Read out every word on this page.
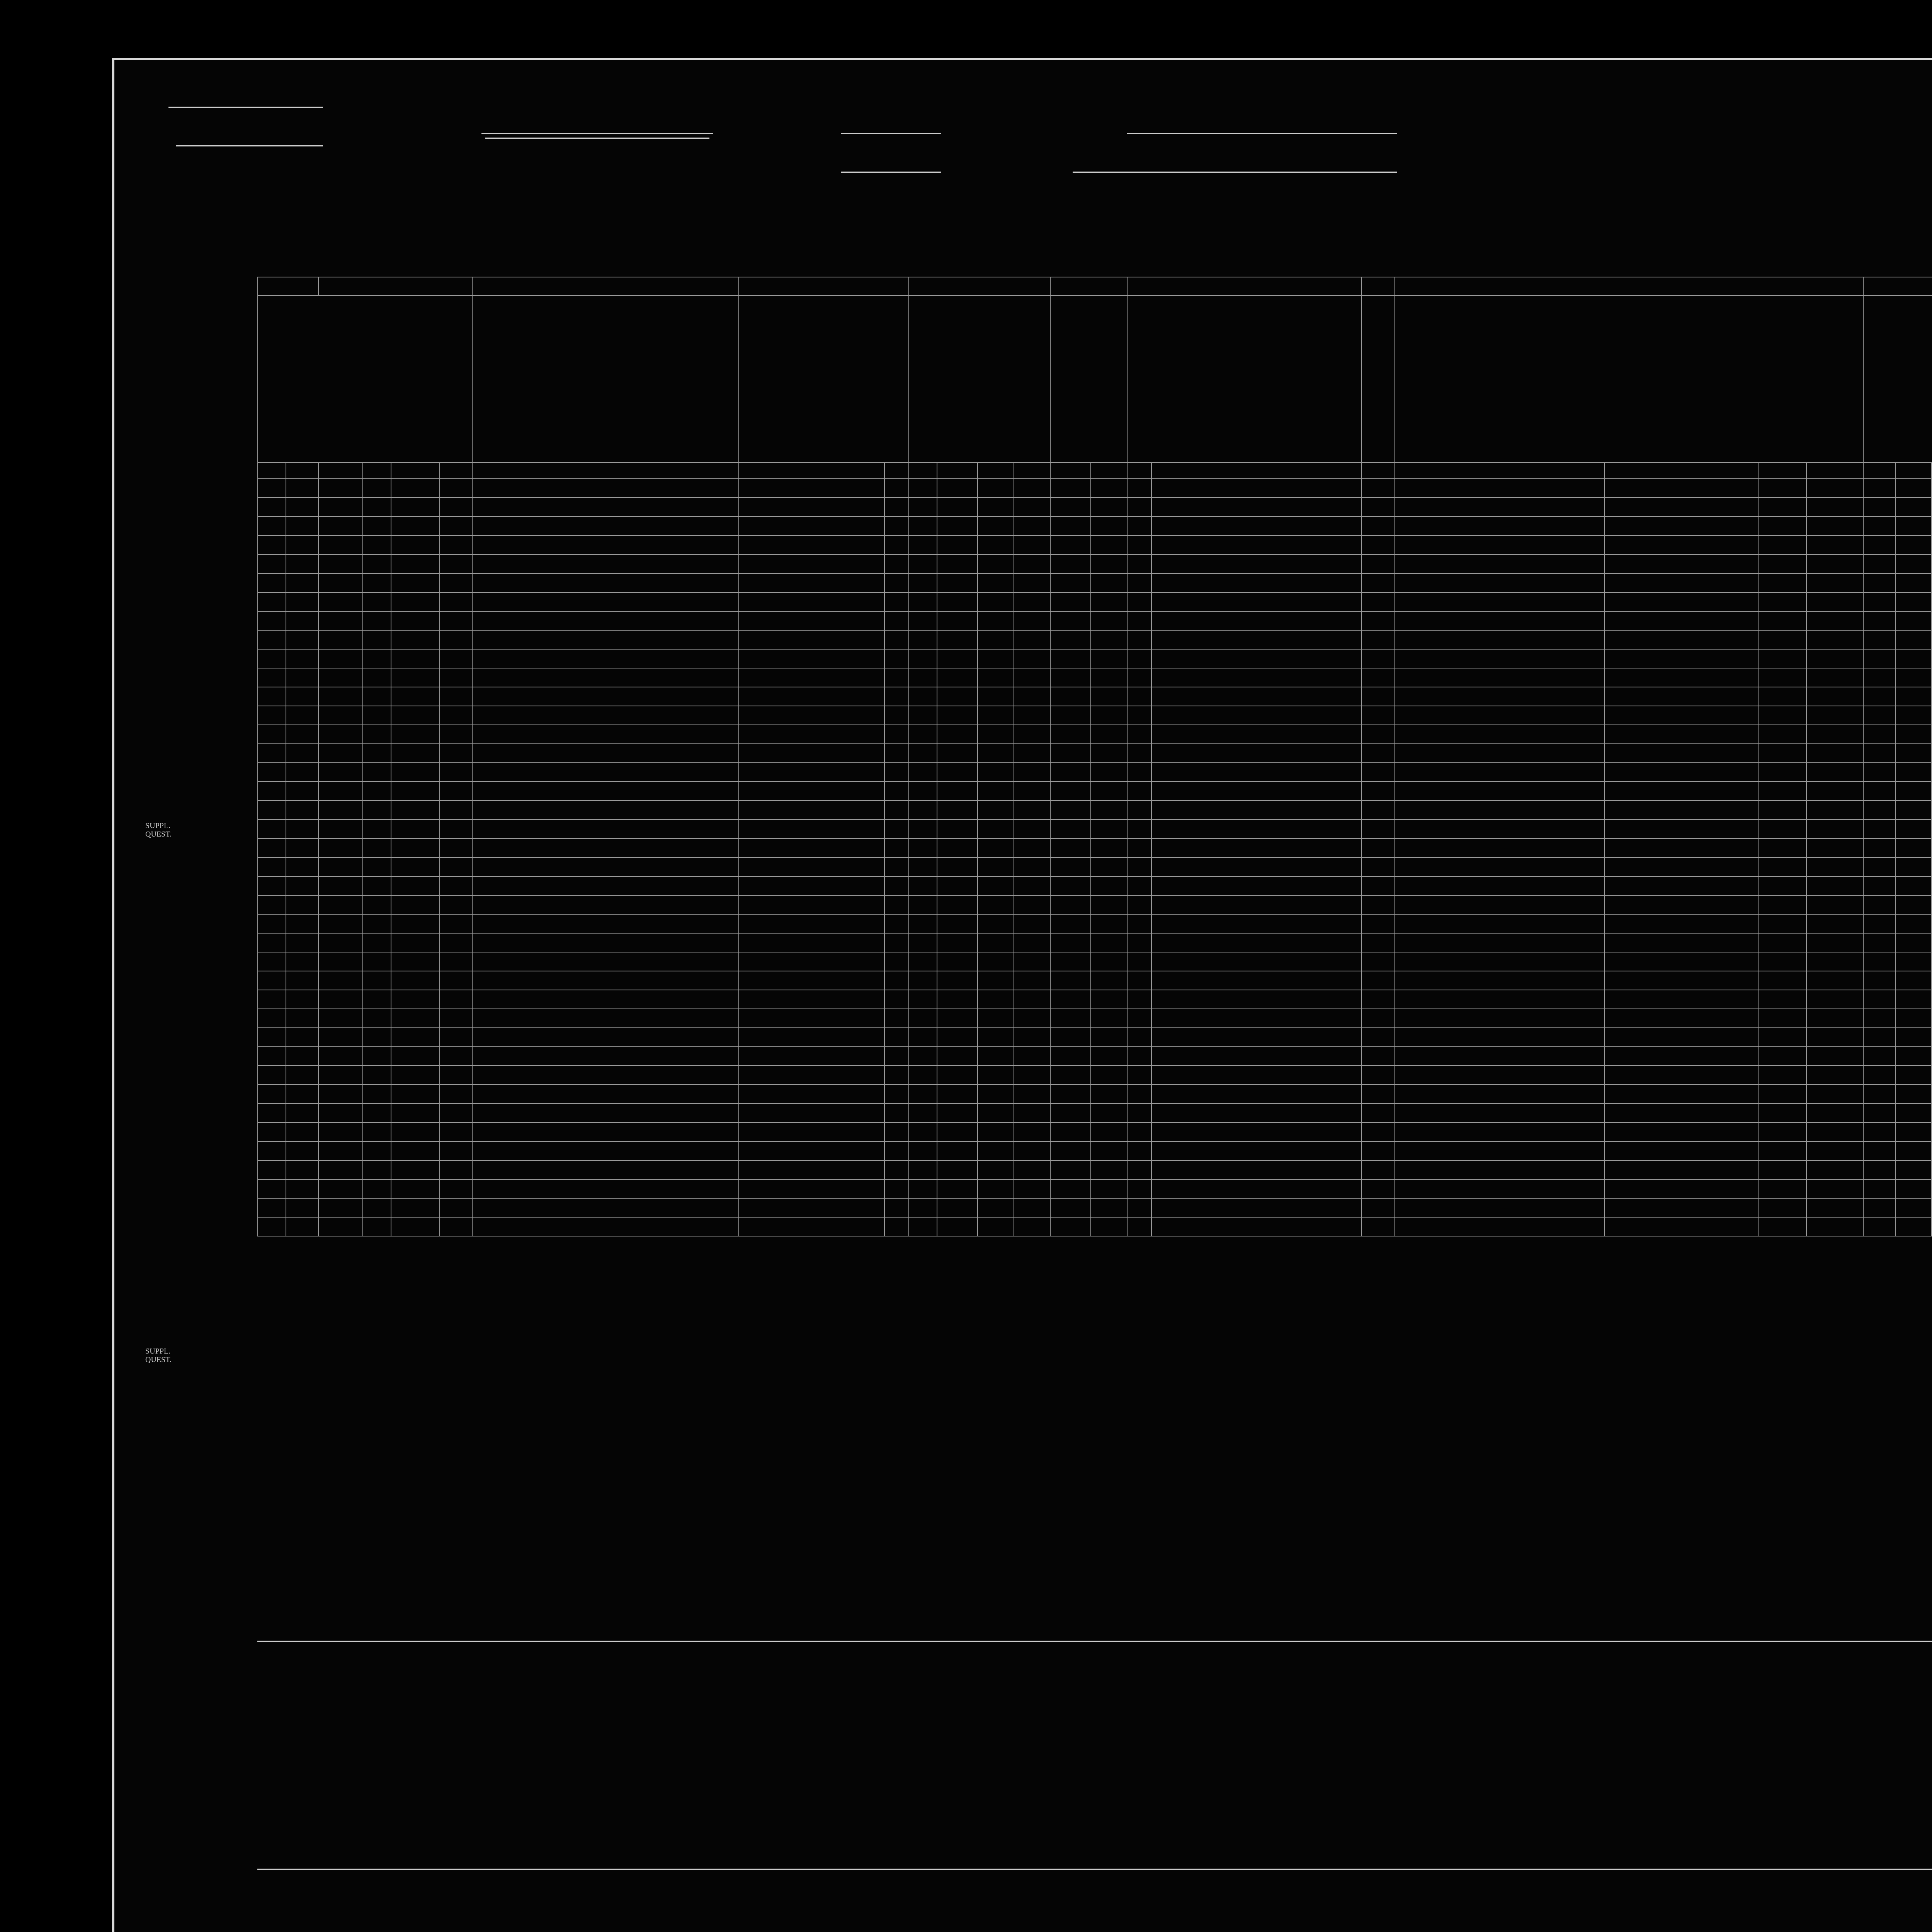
SUPPL.
QUEST.
SUPPL.
QUEST.
